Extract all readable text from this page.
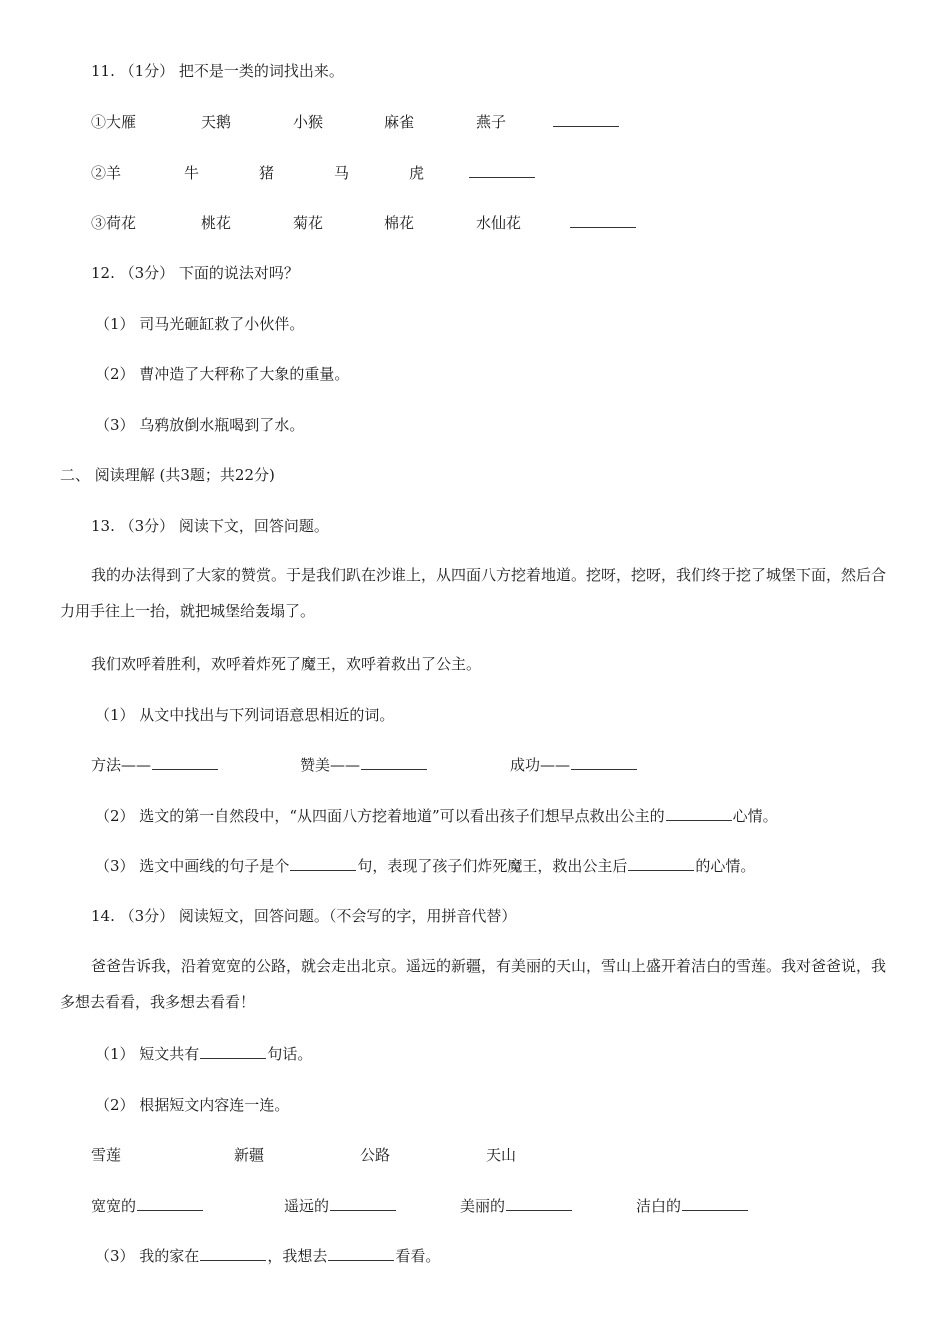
11. （1分） 把不是一类的词找出来。
①大雁	天鹅	小猴	麻雀	燕子
②羊	牛	猪	马	虎
③荷花	桃花	菊花	棉花	水仙花
12. （3分） 下面的说法对吗？
（1） 司马光砸缸救了小伙伴。
（2） 曹冲造了大秤称了大象的重量。
（3） 乌鸦放倒水瓶喝到了水。
二、 阅读理解 (共3题；共22分)
13. （3分） 阅读下文，回答问题。
我的办法得到了大家的赞赏。于是我们趴在沙谁上，从四面八方挖着地道。挖呀，挖呀，我们终于挖了城堡下面，然后合力用手往上一抬，就把城堡给轰塌了。
我们欢呼着胜利，欢呼着炸死了魔王，欢呼着救出了公主。
（1） 从文中找出与下列词语意思相近的词。
方法——	赞美——	成功——
（2） 选文的第一自然段中，“从四面八方挖着地道”可以看出孩子们想早点救出公主的	心情。
（3） 选文中画线的句子是个	句，表现了孩子们炸死魔王，救出公主后	的心情。
14. （3分） 阅读短文，回答问题。（不会写的字，用拼音代替）
爸爸告诉我，沿着宽宽的公路，就会走出北京。遥远的新疆，有美丽的天山，雪山上盛开着洁白的雪莲。我对爸爸说，我多想去看看，我多想去看看！
（1） 短文共有	句话。
（2） 根据短文内容连一连。
雪莲	新疆	公路	天山
宽宽的	遥远的	美丽的	洁白的
（3） 我的家在	，我想去	看看。
